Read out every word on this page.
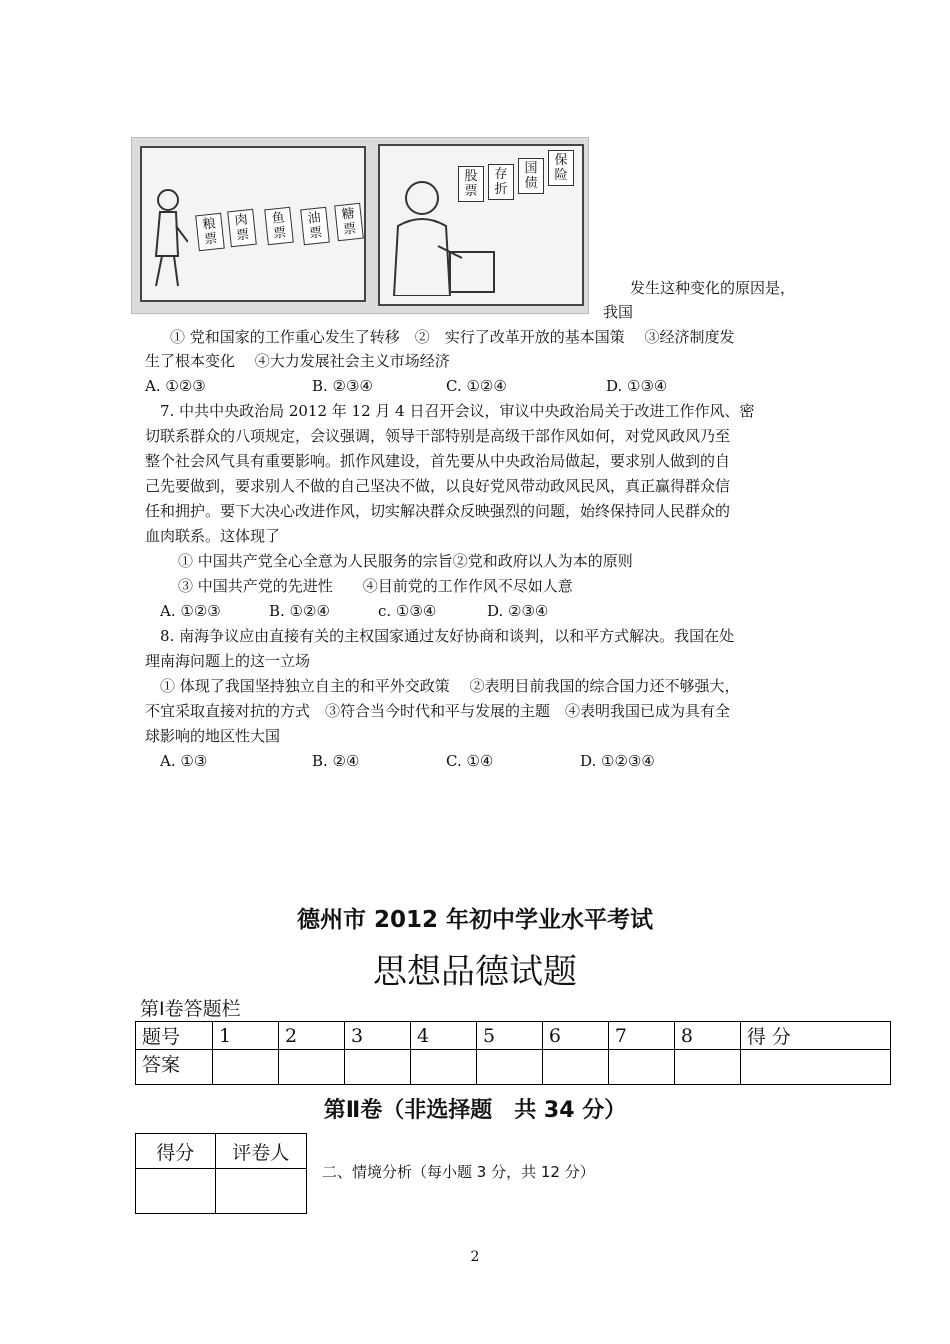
粮票
肉票
鱼票
油票
糖票
股票
存折
国债
保险
发生这种变化的原因是，
我国
① 党和国家的工作重心发生了转移　②　实行了改革开放的基本国策　 ③经济制度发
生了根本变化　 ④大力发展社会主义市场经济
A. ①②③	B. ②③④	C. ①②④	D. ①③④
7. 中共中央政治局 2012 年 12 月 4 日召开会议，审议中央政治局关于改进工作作风、密
切联系群众的八项规定，会议强调，领导干部特别是高级干部作风如何，对党风政风乃至
整个社会风气具有重要影响。抓作风建设，首先要从中央政治局做起，要求别人做到的自
己先要做到，要求别人不做的自己坚决不做，以良好党风带动政风民风，真正赢得群众信
任和拥护。要下大决心改进作风，切实解决群众反映强烈的问题，始终保持同人民群众的
血肉联系。这体现了
① 中国共产党全心全意为人民服务的宗旨②党和政府以人为本的原则
③ 中国共产党的先进性　　④目前党的工作作风不尽如人意
A. ①②③	B. ①②④	c. ①③④	D. ②③④
8. 南海争议应由直接有关的主权国家通过友好协商和谈判，以和平方式解决。我国在处
理南海问题上的这一立场
① 体现了我国坚持独立自主的和平外交政策　 ②表明目前我国的综合国力还不够强大，
不宜采取直接对抗的方式　③符合当今时代和平与发展的主题　④表明我国已成为具有全
球影响的地区性大国
A. ①③	B. ②④	C. ①④	D. ①②③④
德州市 2012 年初中学业水平考试
思想品德试题
第Ⅰ卷答题栏
题号	1	2	3	4	5	6	7	8	得 分
答案									
第Ⅱ卷（非选择题　共 34 分）
得分	评卷人

二、情境分析（每小题 3 分，共 12 分）
2
